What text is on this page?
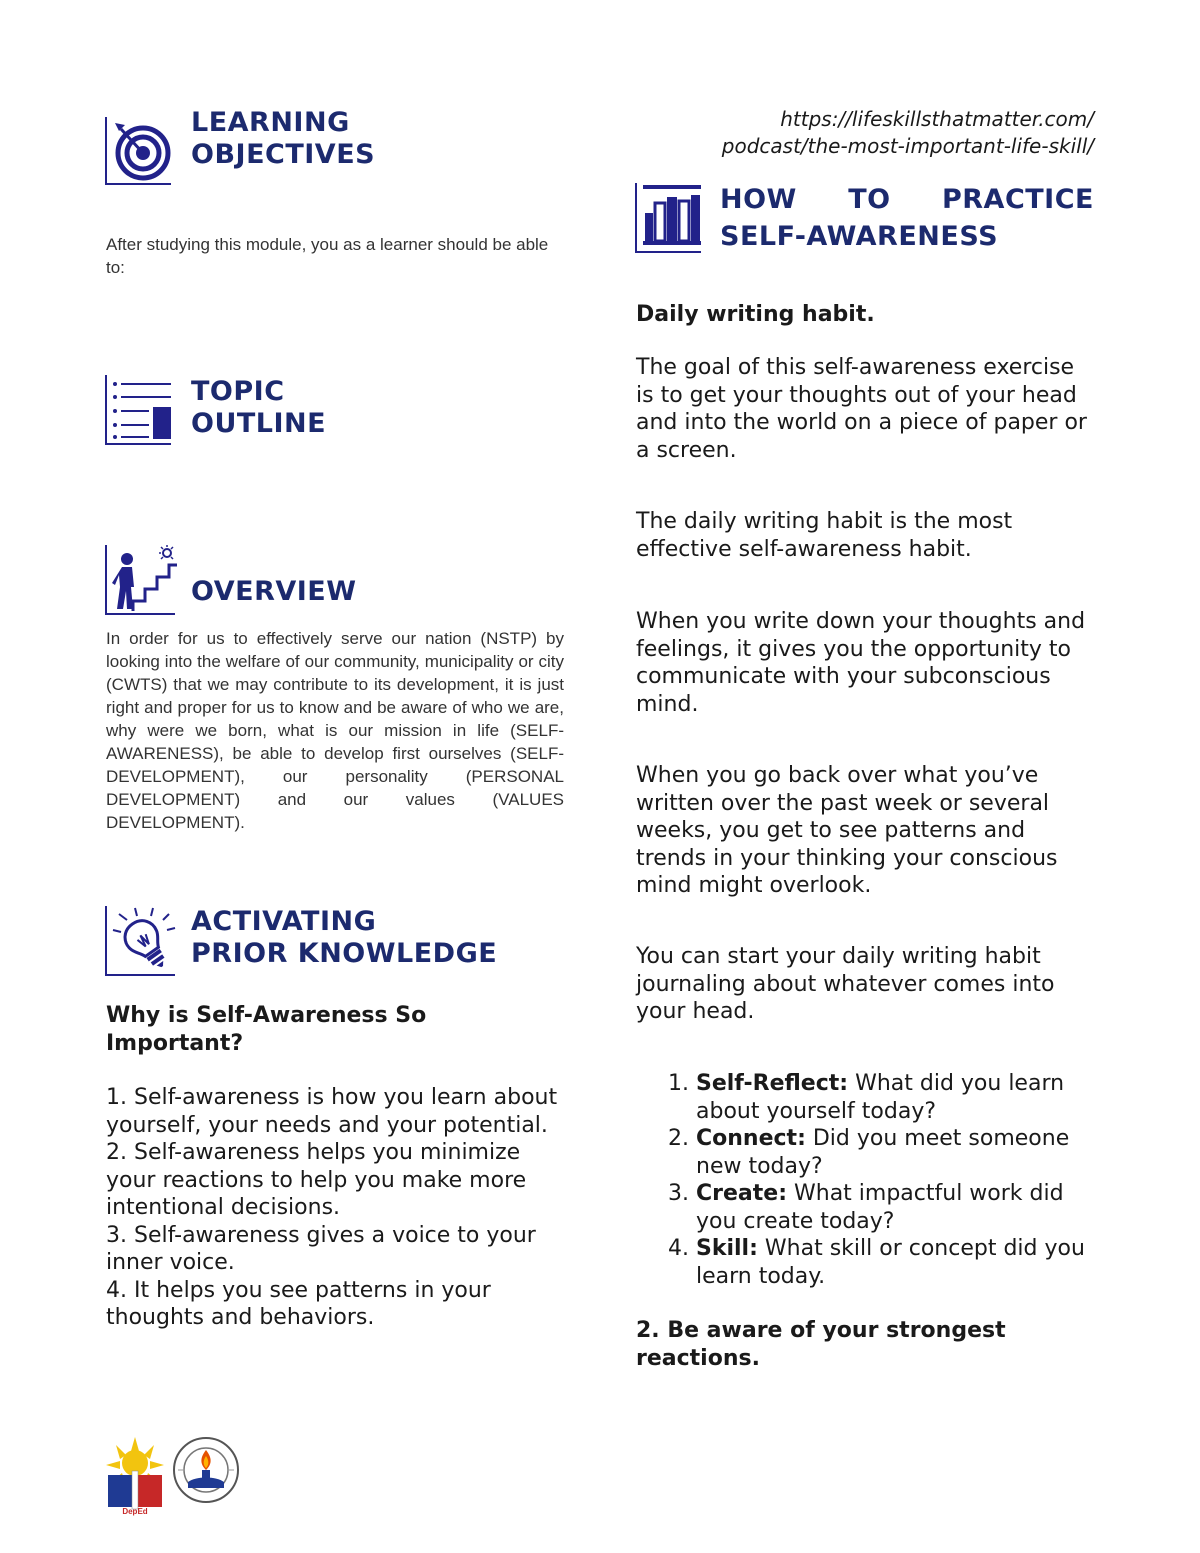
LEARNING
OBJECTIVES
After studying this module, you as a learner should be able to:
TOPIC
OUTLINE
OVERVIEW
In order for us to effectively serve our nation (NSTP) by looking into the welfare of our community, municipality or city (CWTS) that we may contribute to its development, it is just right and proper for us to know and be aware of who we are, why were we born, what is our mission in life (SELF-AWARENESS), be able to develop first ourselves (SELF-DEVELOPMENT), our personality (PERSONAL DEVELOPMENT) and our values (VALUES DEVELOPMENT).
ACTIVATING
PRIOR KNOWLEDGE
Why is Self-Awareness So Important?
1. Self-awareness is how you learn about yourself, your needs and your potential.
2. Self-awareness helps you minimize your reactions to help you make more intentional decisions.
3. Self-awareness gives a voice to your inner voice.
4. It helps you see patterns in your thoughts and behaviors.
DepEd
https://lifeskillsthatmatter.com/
podcast/the-most-important-life-skill/
HOW TO PRACTICE
SELF-AWARENESS
Daily writing habit.
The goal of this self-awareness exercise is to get your thoughts out of your head and into the world on a piece of paper or a screen.
The daily writing habit is the most effective self-awareness habit.
When you write down your thoughts and feelings, it gives you the opportunity to communicate with your subconscious mind.
When you go back over what you’ve written over the past week or several weeks, you get to see patterns and trends in your thinking your conscious mind might overlook.
You can start your daily writing habit journaling about whatever comes into your head.
1. Self-Reflect: What did you learn about yourself today?
2. Connect: Did you meet someone new today?
3. Create: What impactful work did you create today?
4. Skill: What skill or concept did you learn today.
2. Be aware of your strongest reactions.
